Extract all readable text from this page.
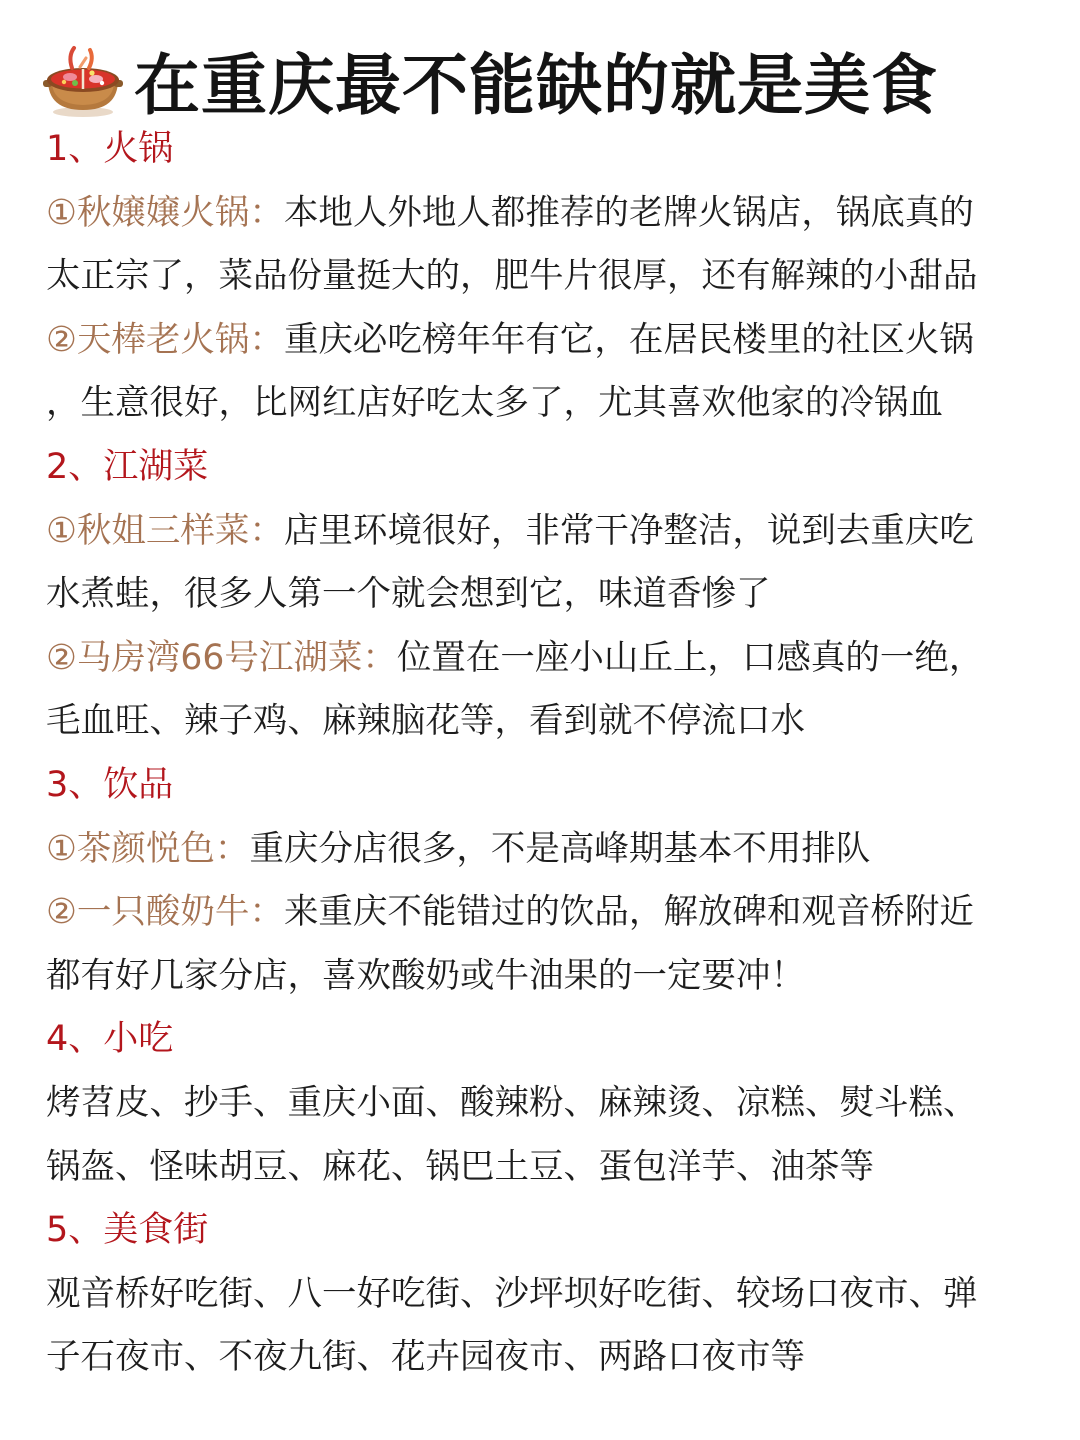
在重庆最不能缺的就是美食
1、火锅
①秋嬢嬢火锅：本地人外地人都推荐的老牌火锅店，锅底真的
太正宗了，菜品份量挺大的，肥牛片很厚，还有解辣的小甜品
②天棒老火锅：重庆必吃榜年年有它，在居民楼里的社区火锅
，生意很好，比网红店好吃太多了，尤其喜欢他家的冷锅血
2、江湖菜
①秋姐三样菜：店里环境很好，非常干净整洁，说到去重庆吃
水煮蛙，很多人第一个就会想到它，味道香惨了
②马房湾66号江湖菜：位置在一座小山丘上，口感真的一绝，
毛血旺、辣子鸡、麻辣脑花等，看到就不停流口水
3、饮品
①茶颜悦色：重庆分店很多，不是高峰期基本不用排队
②一只酸奶牛：来重庆不能错过的饮品，解放碑和观音桥附近
都有好几家分店，喜欢酸奶或牛油果的一定要冲！
4、小吃
烤苕皮、抄手、重庆小面、酸辣粉、麻辣烫、凉糕、熨斗糕、
锅盔、怪味胡豆、麻花、锅巴土豆、蛋包洋芋、油茶等
5、美食街
观音桥好吃街、八一好吃街、沙坪坝好吃街、较场口夜市、弹
子石夜市、不夜九街、花卉园夜市、两路口夜市等
